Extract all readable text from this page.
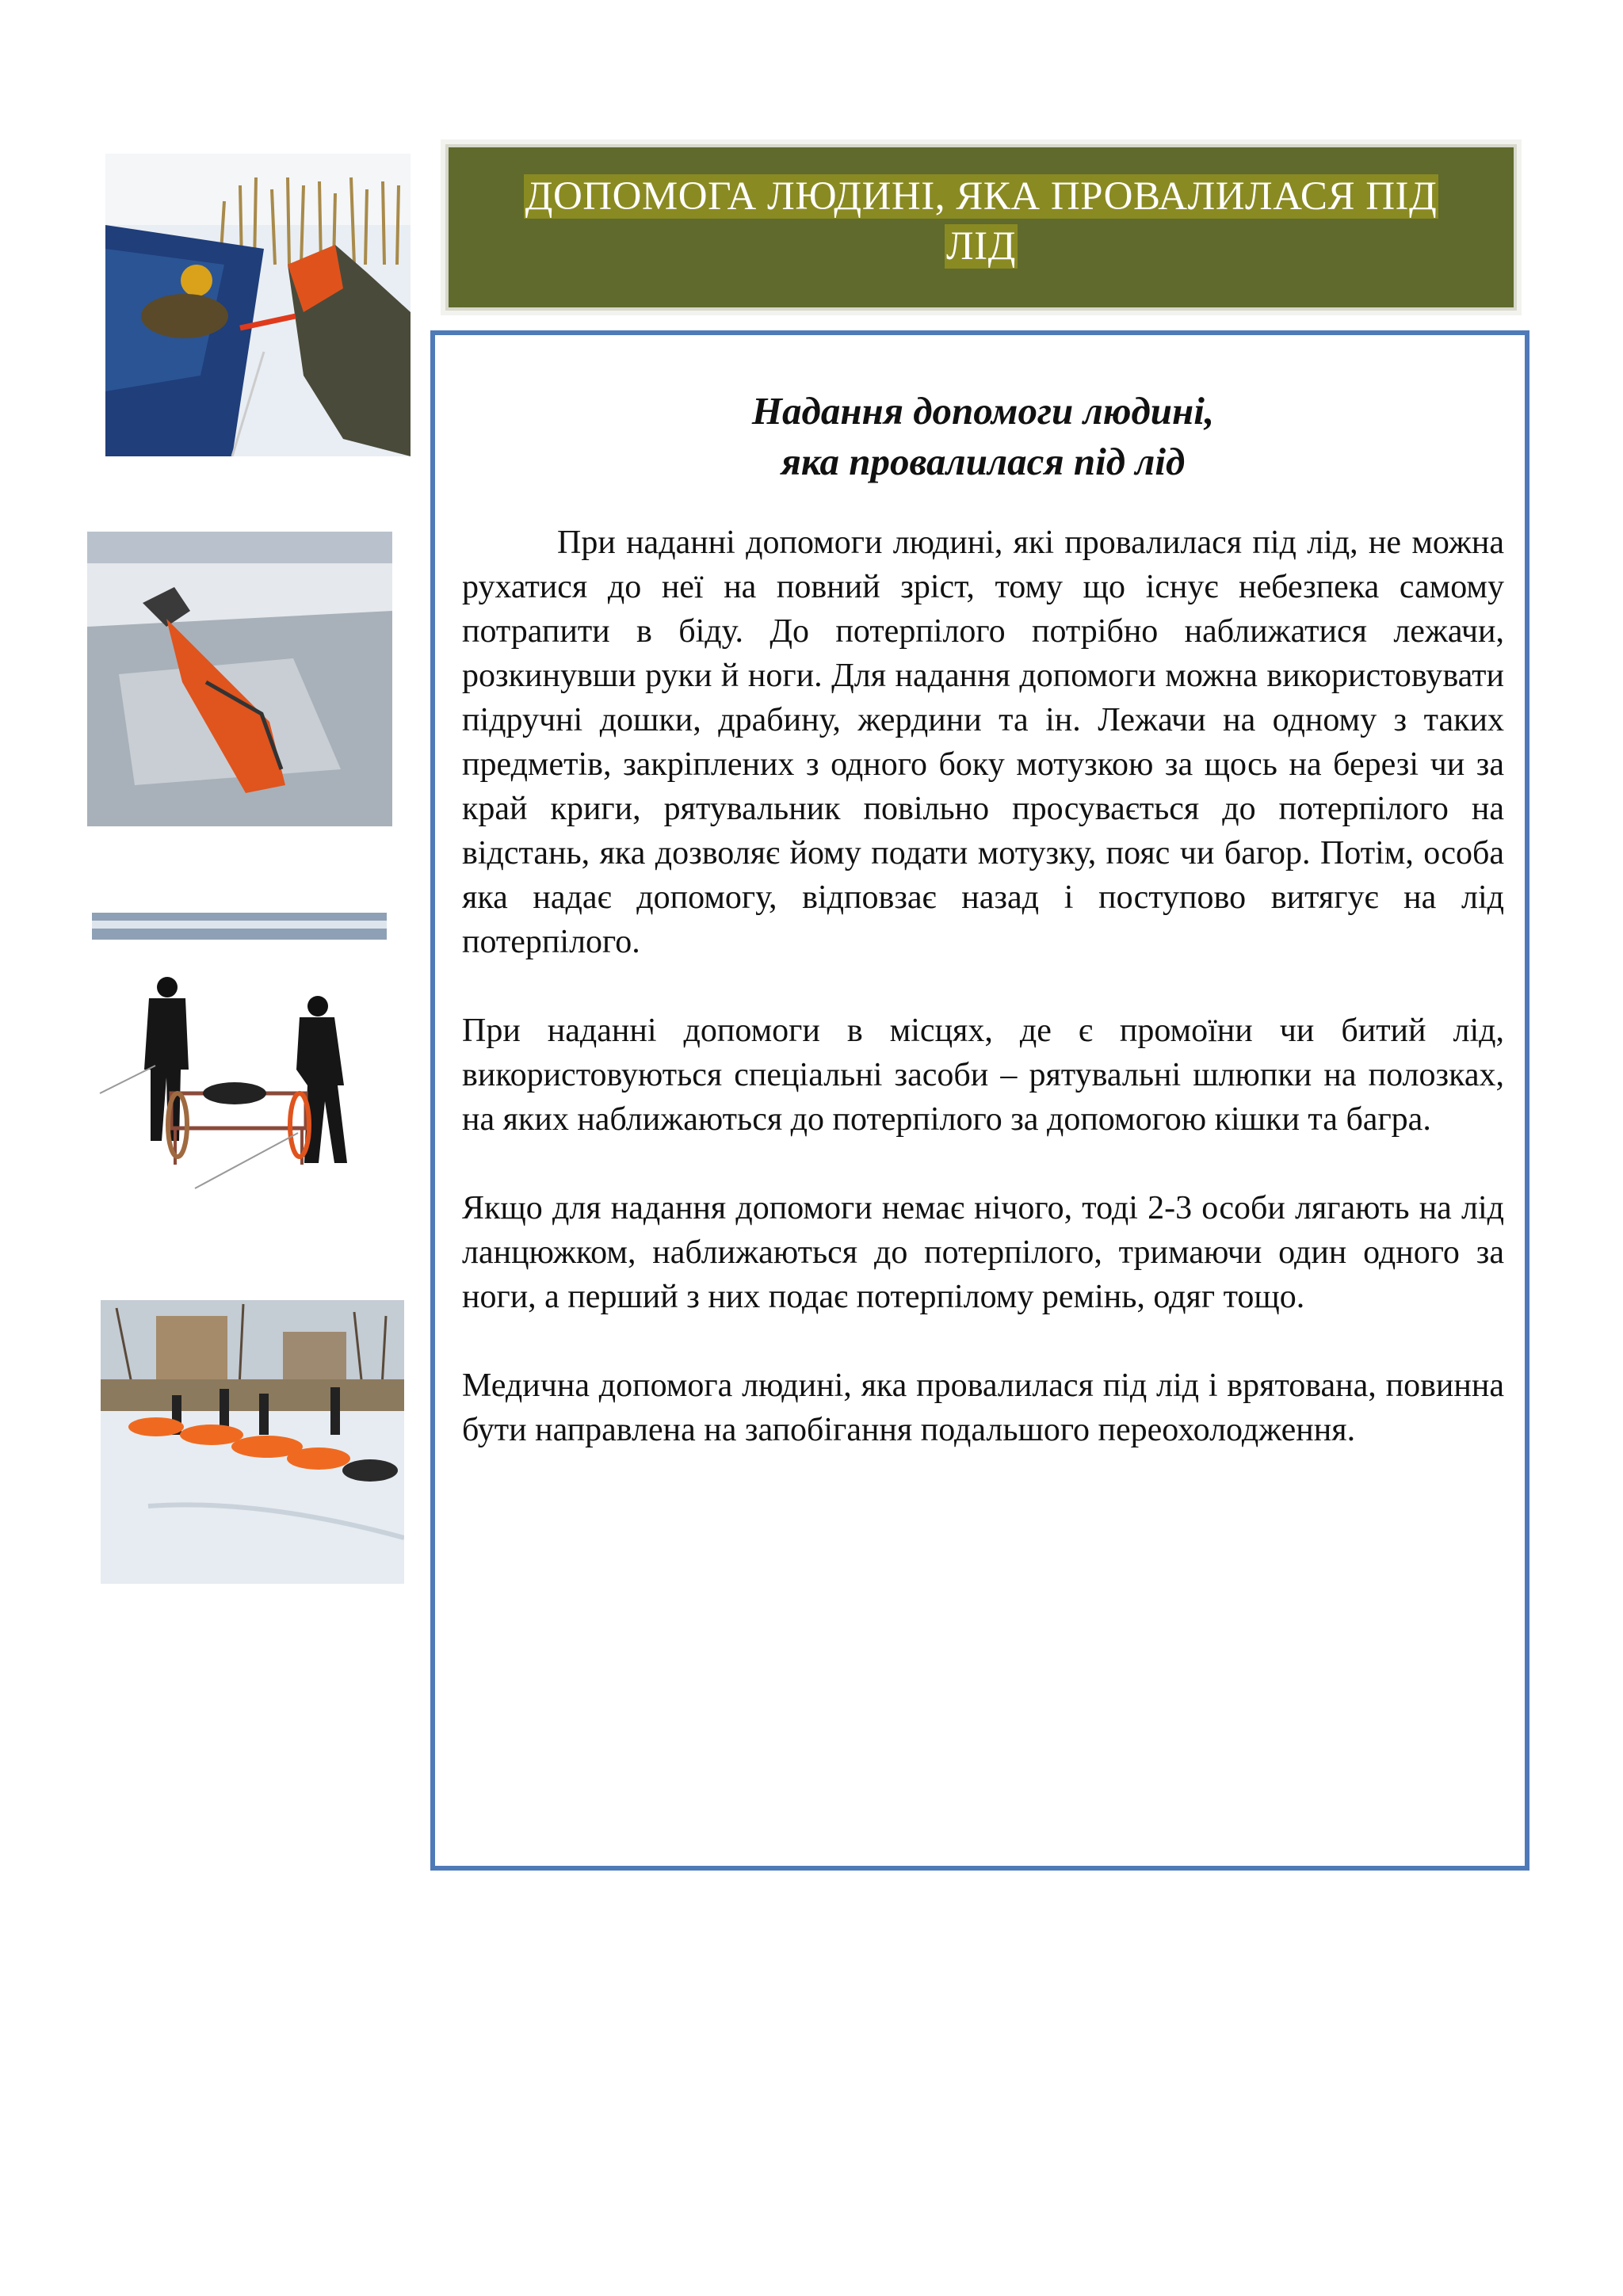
ДОПОМОГА ЛЮДИНІ, ЯКА ПРОВАЛИЛАСЯ ПІД
ЛІД
Надання допомоги людині,
яка провалилася під лід

При наданні допомоги людині, які провалилася під лід, не можна рухатися до неї на повний зріст, тому що існує небезпека самому потрапити в біду. До потерпілого потрібно наближатися лежачи, розкинувши руки й ноги. Для надання допомоги можна використовувати підручні дошки, драбину, жердини та ін. Лежачи на одному з таких предметів, закріплених з одного боку мотузкою за щось на березі чи за край криги, рятувальник повільно просувається до потерпілого на відстань, яка дозволяє йому подати мотузку, пояс чи багор. Потім, особа яка надає допомогу, відповзає назад і поступово витягує на лід потерпілого.

При наданні допомоги в місцях, де є промоїни чи битий лід, використовуються спеціальні засоби – рятувальні шлюпки на полозках, на яких наближаються до потерпілого за допомогою кішки та багра.

Якщо для надання допомоги немає нічого, тоді 2-3 особи лягають на лід ланцюжком, наближаються до потерпілого, тримаючи один одного за ноги, а перший з них подає потерпілому ремінь, одяг тощо.

Медична допомога людині, яка провалилася під лід і врятована, повинна бути направлена на запобігання подальшого переохолодження.
